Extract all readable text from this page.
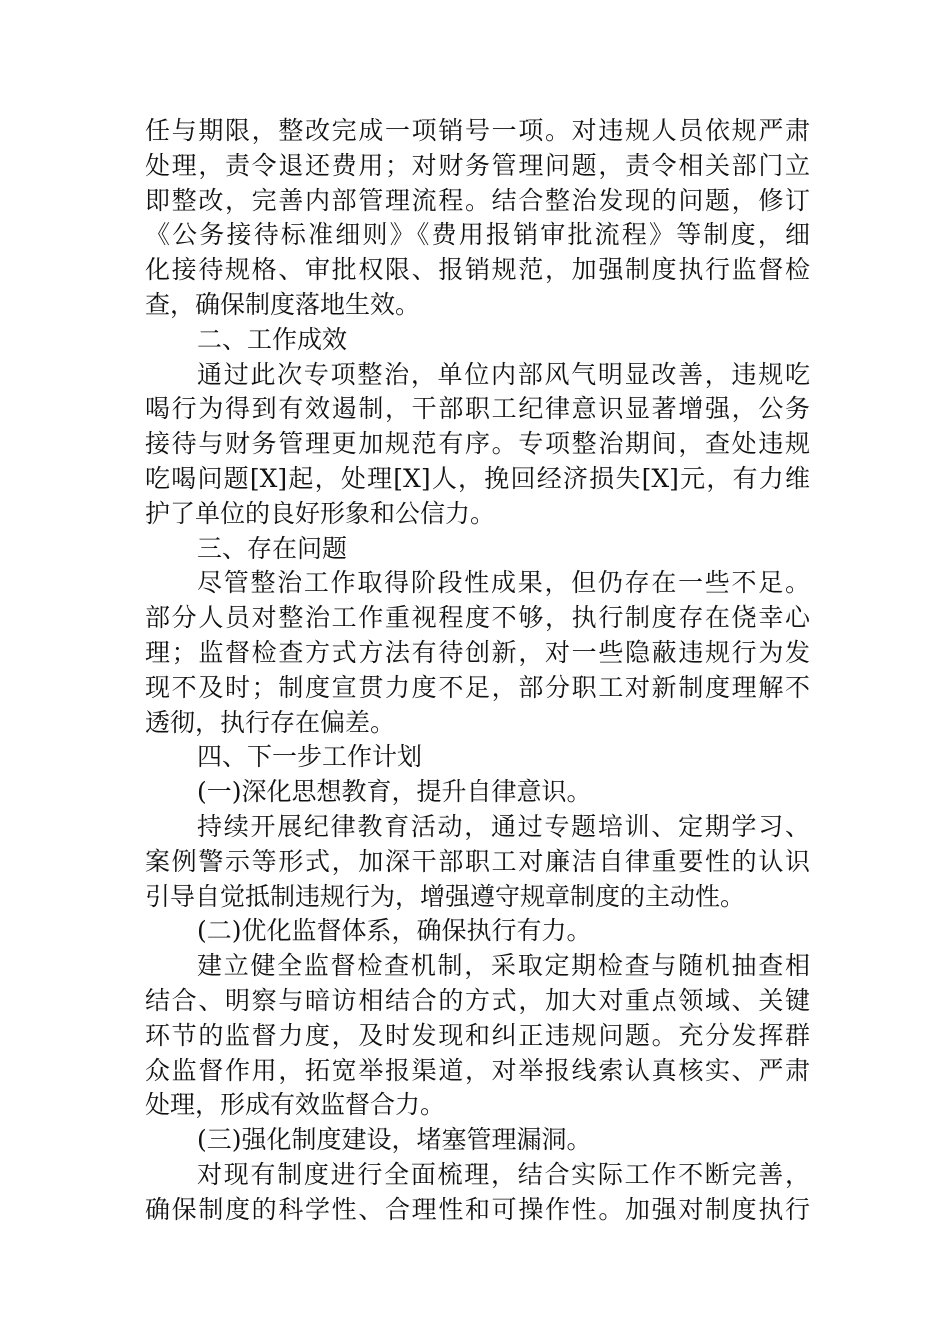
任与期限，整改完成一项销号一项。对违规人员依规严肃
处理，责令退还费用；对财务管理问题，责令相关部门立
即整改，完善内部管理流程。结合整治发现的问题，修订
《公务接待标准细则》《费用报销审批流程》等制度，细
化接待规格、审批权限、报销规范，加强制度执行监督检
查，确保制度落地生效。
二、工作成效
通过此次专项整治，单位内部风气明显改善，违规吃
喝行为得到有效遏制，干部职工纪律意识显著增强，公务
接待与财务管理更加规范有序。专项整治期间，查处违规
吃喝问题[X]起，处理[X]人，挽回经济损失[X]元，有力维
护了单位的良好形象和公信力。
三、存在问题
尽管整治工作取得阶段性成果，但仍存在一些不足。
部分人员对整治工作重视程度不够，执行制度存在侥幸心
理；监督检查方式方法有待创新，对一些隐蔽违规行为发
现不及时；制度宣贯力度不足，部分职工对新制度理解不
透彻，执行存在偏差。
四、下一步工作计划
(一)深化思想教育，提升自律意识。
持续开展纪律教育活动，通过专题培训、定期学习、
案例警示等形式，加深干部职工对廉洁自律重要性的认识
引导自觉抵制违规行为，增强遵守规章制度的主动性。
(二)优化监督体系，确保执行有力。
建立健全监督检查机制，采取定期检查与随机抽查相
结合、明察与暗访相结合的方式，加大对重点领域、关键
环节的监督力度，及时发现和纠正违规问题。充分发挥群
众监督作用，拓宽举报渠道，对举报线索认真核实、严肃
处理，形成有效监督合力。
(三)强化制度建设，堵塞管理漏洞。
对现有制度进行全面梳理，结合实际工作不断完善，
确保制度的科学性、合理性和可操作性。加强对制度执行
